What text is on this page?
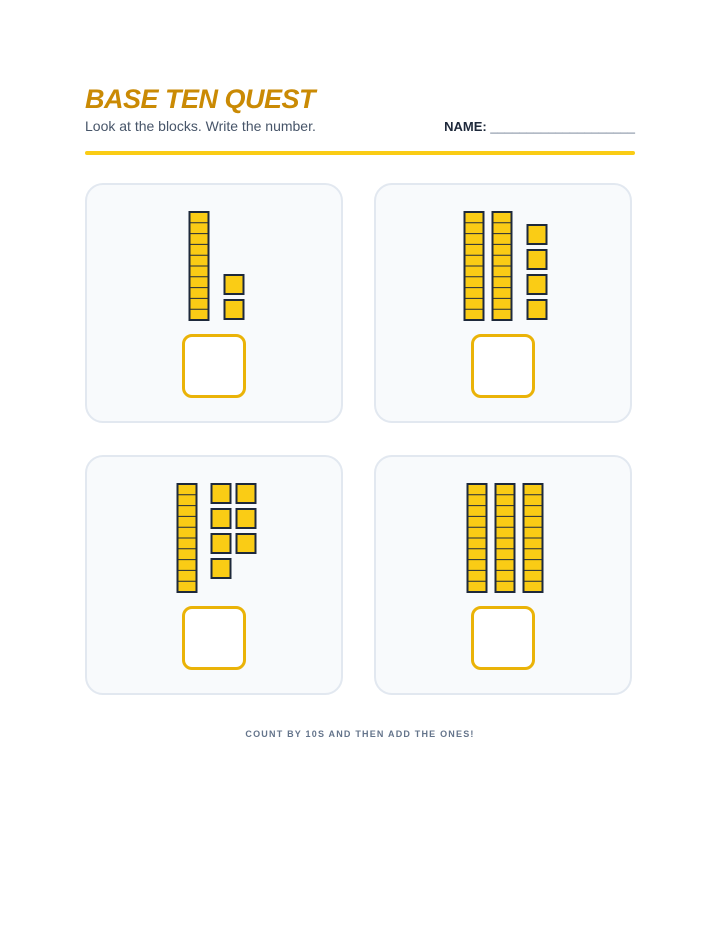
BASE TEN QUEST
Look at the blocks. Write the number.	NAME: ____________________
COUNT BY 10S AND THEN ADD THE ONES!
